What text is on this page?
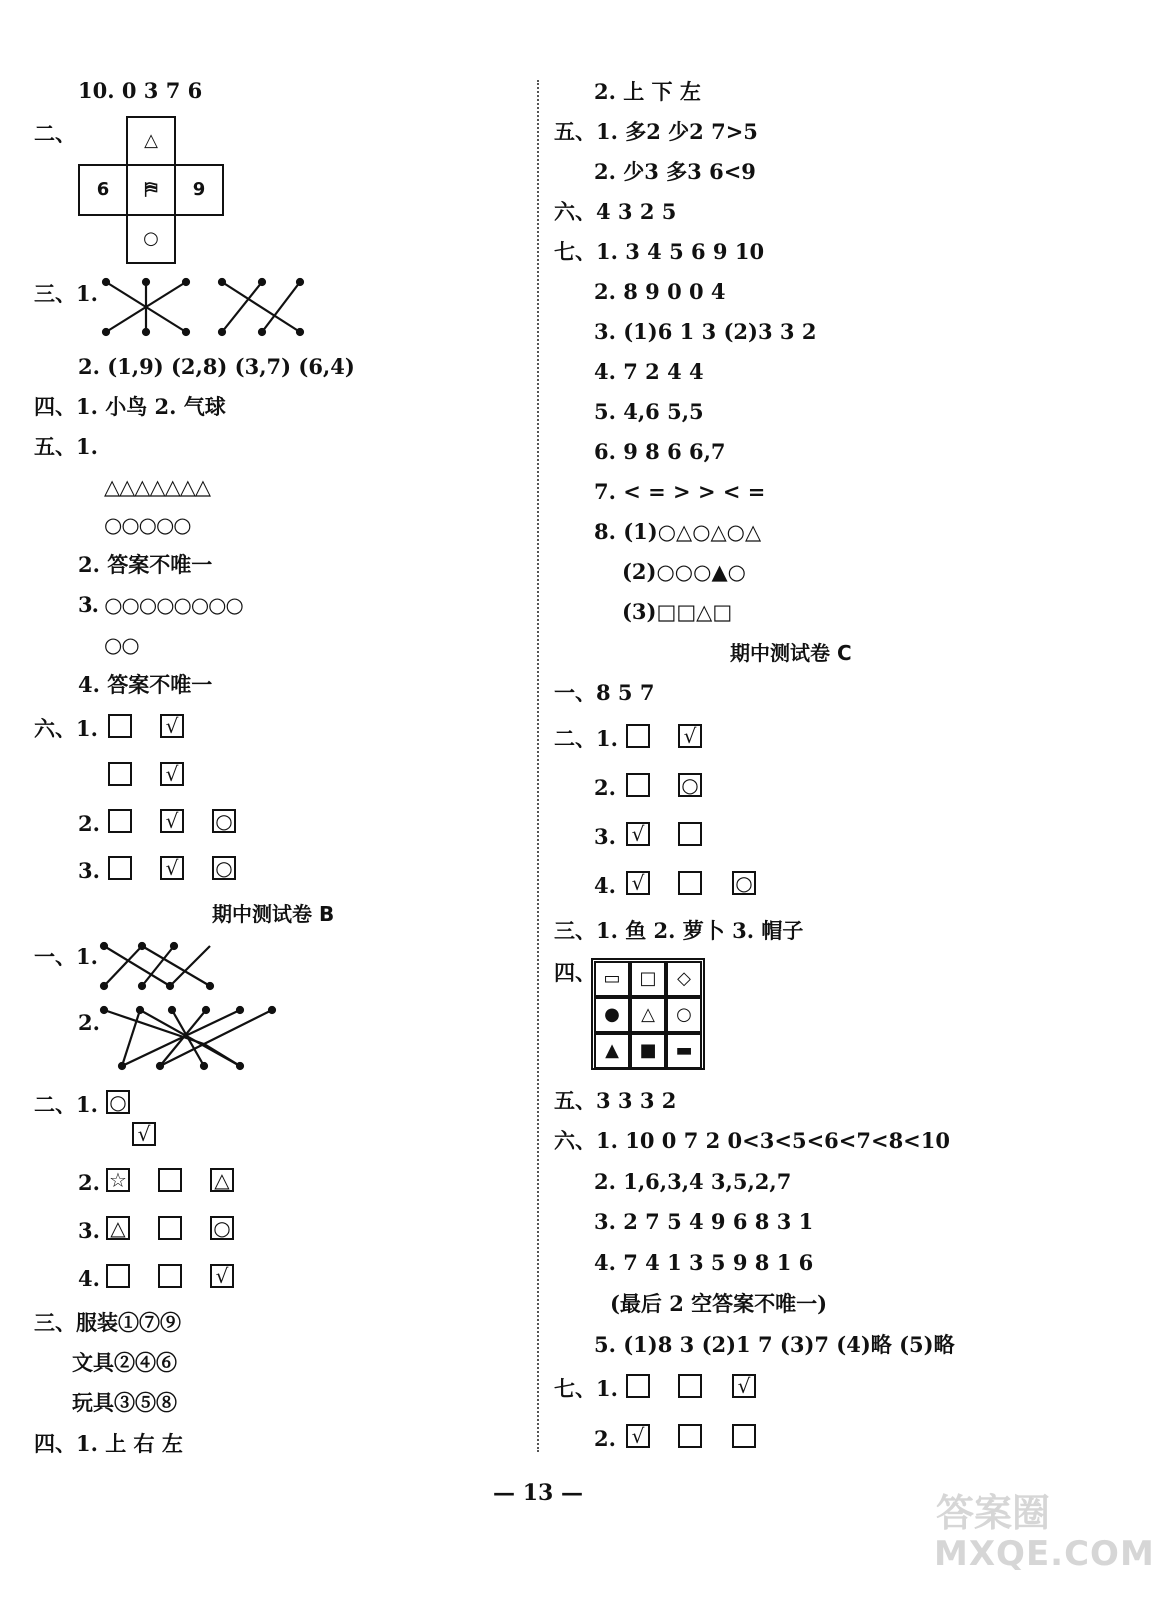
10. 0 3 7 6
二、	△
6	⛿	9
○
三、1.
2. (1,9) (2,8) (3,7) (6,4)
四、1. 小鸟 2. 气球
五、1.
△△△△△△△
○○○○○
2. 答案不唯一
3. ○○○○○○○○
○○
4. 答案不唯一
六、1.	√
√
2.	√ ○
3.	√ ○
期中测试卷 B
一、1.
2.
二、1. ○
√
2. ☆	△
3. △	○
4.	√
三、服装①⑦⑨
文具②④⑥
玩具③⑤⑧
四、1. 上 右 左
2. 上 下 左
五、1. 多2 少2 7>5
2. 少3 多3 6<9
六、4 3 2 5
七、1. 3 4 5 6 9 10
2. 8 9 0 0 4
3. (1)6 1 3 (2)3 3 2
4. 7 2 4 4
5. 4,6 5,5
6. 9 8 6 6,7
7. < = > > < =
8. (1)○△○△○△
(2)○○○▲○
(3)□□△□
期中测试卷 C
一、8 5 7
二、1.	√
2.	○
3. √
4. √	○
三、1. 鱼 2. 萝卜 3. 帽子
四、 ▭	□	◇
●	△	○
▲	■	▬
五、3 3 3 2
六、1. 10 0 7 2 0<3<5<6<7<8<10
2. 1,6,3,4 3,5,2,7
3. 2 7 5 4 9 6 8 3 1
4. 7 4 1 3 5 9 8 1 6
(最后 2 空答案不唯一)
5. (1)8 3 (2)1 7 (3)7 (4)略 (5)略
七、1.	√
2. √
— 13 —	答案圈
MXQE.COM
